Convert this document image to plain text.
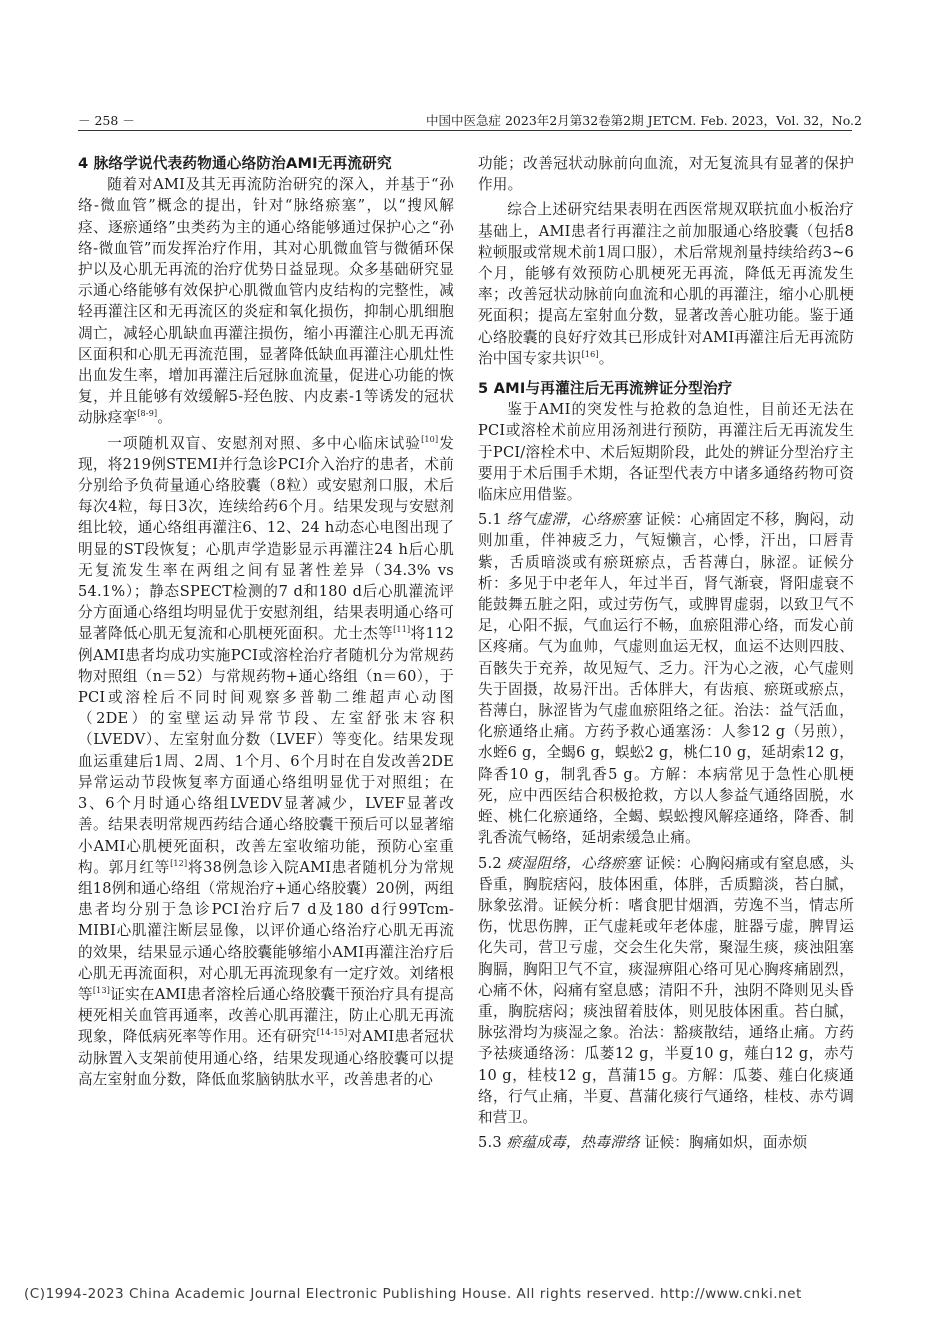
－ 258 －	中国中医急症 2023年2月第32卷第2期 JETCM. Feb. 2023，Vol. 32，No.2
4 脉络学说代表药物通心络防治AMI无再流研究

随着对AMI及其无再流防治研究的深入，并基于“孙络-微血管”概念的提出，针对“脉络瘀塞”，以“搜风解痉、逐瘀通络”虫类药为主的通心络能够通过保护心之“孙络-微血管”而发挥治疗作用，其对心肌微血管与微循环保护以及心肌无再流的治疗优势日益显现。众多基础研究显示通心络能够有效保护心肌微血管内皮结构的完整性，减轻再灌注区和无再流区的炎症和氧化损伤，抑制心肌细胞凋亡，减轻心肌缺血再灌注损伤，缩小再灌注心肌无再流区面积和心肌无再流范围，显著降低缺血再灌注心肌灶性出血发生率，增加再灌注后冠脉血流量，促进心功能的恢复，并且能够有效缓解5-羟色胺、内皮素-1等诱发的冠状动脉痉挛[8-9]。

一项随机双盲、安慰剂对照、多中心临床试验[10]发现，将219例STEMI并行急诊PCI介入治疗的患者，术前分别给予负荷量通心络胶囊（8粒）或安慰剂口服，术后每次4粒，每日3次，连续给药6个月。结果发现与安慰剂组比较，通心络组再灌注6、12、24 h动态心电图出现了明显的ST段恢复；心肌声学造影显示再灌注24 h后心肌无复流发生率在两组之间有显著性差异（34.3% vs 54.1%）；静态SPECT检测的7 d和180 d后心肌灌流评分方面通心络组均明显优于安慰剂组，结果表明通心络可显著降低心肌无复流和心肌梗死面积。尤士杰等[11]将112例AMI患者均成功实施PCI或溶栓治疗者随机分为常规药物对照组（n＝52）与常规药物+通心络组（n＝60），于PCI或溶栓后不同时间观察多普勒二维超声心动图（2DE）的室壁运动异常节段、左室舒张末容积（LVEDV）、左室射血分数（LVEF）等变化。结果发现血运重建后1周、2周、1个月、6个月时在自发改善2DE异常运动节段恢复率方面通心络组明显优于对照组；在3、6个月时通心络组LVEDV显著减少，LVEF显著改善。结果表明常规西药结合通心络胶囊干预后可以显著缩小AMI心肌梗死面积，改善左室收缩功能，预防心室重构。郭月红等[12]将38例急诊入院AMI患者随机分为常规组18例和通心络组（常规治疗+通心络胶囊）20例，两组患者均分别于急诊PCI治疗后7 d及180 d行99Tcm-MIBI心肌灌注断层显像，以评价通心络治疗心肌无再流的效果，结果显示通心络胶囊能够缩小AMI再灌注治疗后心肌无再流面积，对心肌无再流现象有一定疗效。刘绪根等[13]证实在AMI患者溶栓后通心络胶囊干预治疗具有提高梗死相关血管再通率，改善心肌再灌注，防止心肌无再流现象，降低病死率等作用。还有研究[14-15]对AMI患者冠状动脉置入支架前使用通心络，结果发现通心络胶囊可以提高左室射血分数，降低血浆脑钠肽水平，改善患者的心

功能；改善冠状动脉前向血流，对无复流具有显著的保护作用。

综合上述研究结果表明在西医常规双联抗血小板治疗基础上，AMI患者行再灌注之前加服通心络胶囊（包括8粒顿服或常规术前1周口服），术后常规剂量持续给药3~6个月，能够有效预防心肌梗死无再流，降低无再流发生率；改善冠状动脉前向血流和心肌的再灌注，缩小心肌梗死面积；提高左室射血分数，显著改善心脏功能。鉴于通心络胶囊的良好疗效其已形成针对AMI再灌注后无再流防治中国专家共识[16]。

5 AMI与再灌注后无再流辨证分型治疗

鉴于AMI的突发性与抢救的急迫性，目前还无法在PCI或溶栓术前应用汤剂进行预防，再灌注后无再流发生于PCI/溶栓术中、术后短期阶段，此处的辨证分型治疗主要用于术后围手术期，各证型代表方中诸多通络药物可资临床应用借鉴。

5.1 络气虚滞，心络瘀塞 证候：心痛固定不移，胸闷，动则加重，伴神疲乏力，气短懒言，心悸，汗出，口唇青紫，舌质暗淡或有瘀斑瘀点，舌苔薄白，脉涩。证候分析：多见于中老年人，年过半百，肾气渐衰，肾阳虚衰不能鼓舞五脏之阳，或过劳伤气，或脾胃虚弱，以致卫气不足，心阳不振，气血运行不畅，血瘀阻滞心络，而发心前区疼痛。气为血帅，气虚则血运无权，血运不达则四肢、百骸失于充养，故见短气、乏力。汗为心之液，心气虚则失于固摄，故易汗出。舌体胖大，有齿痕、瘀斑或瘀点，苔薄白，脉涩皆为气虚血瘀阻络之征。治法：益气活血，化瘀通络止痛。方药予救心通塞汤：人参12 g（另煎），水蛭6 g，全蝎6 g，蜈蚣2 g，桃仁10 g，延胡索12 g，降香10 g，制乳香5 g。方解：本病常见于急性心肌梗死，应中西医结合积极抢救，方以人参益气通络固脱，水蛭、桃仁化瘀通络，全蝎、蜈蚣搜风解痉通络，降香、制乳香流气畅络，延胡索缓急止痛。

5.2 痰湿阻络，心络瘀塞 证候：心胸闷痛或有窒息感，头昏重，胸脘痞闷，肢体困重，体胖，舌质黯淡，苔白腻，脉象弦滑。证候分析：嗜食肥甘烟酒，劳逸不当，情志所伤，忧思伤脾，正气虚耗或年老体虚，脏器亏虚，脾胃运化失司，营卫亏虚，交会生化失常，聚湿生痰，痰浊阻塞胸膈，胸阳卫气不宣，痰湿痹阻心络可见心胸疼痛剧烈，心痛不休，闷痛有窒息感；清阳不升，浊阴不降则见头昏重，胸脘痞闷；痰浊留着肢体，则见肢体困重。苔白腻，脉弦滑均为痰湿之象。治法：豁痰散结，通络止痛。方药予祛痰通络汤：瓜蒌12 g，半夏10 g，薤白12 g，赤芍10 g，桂枝12 g，菖蒲15 g。方解：瓜蒌、薤白化痰通络，行气止痛，半夏、菖蒲化痰行气通络，桂枝、赤芍调和营卫。

5.3 瘀蕴成毒，热毒滞络 证候：胸痛如炽，面赤烦

(C)1994-2023 China Academic Journal Electronic Publishing House. All rights reserved. http://www.cnki.net
